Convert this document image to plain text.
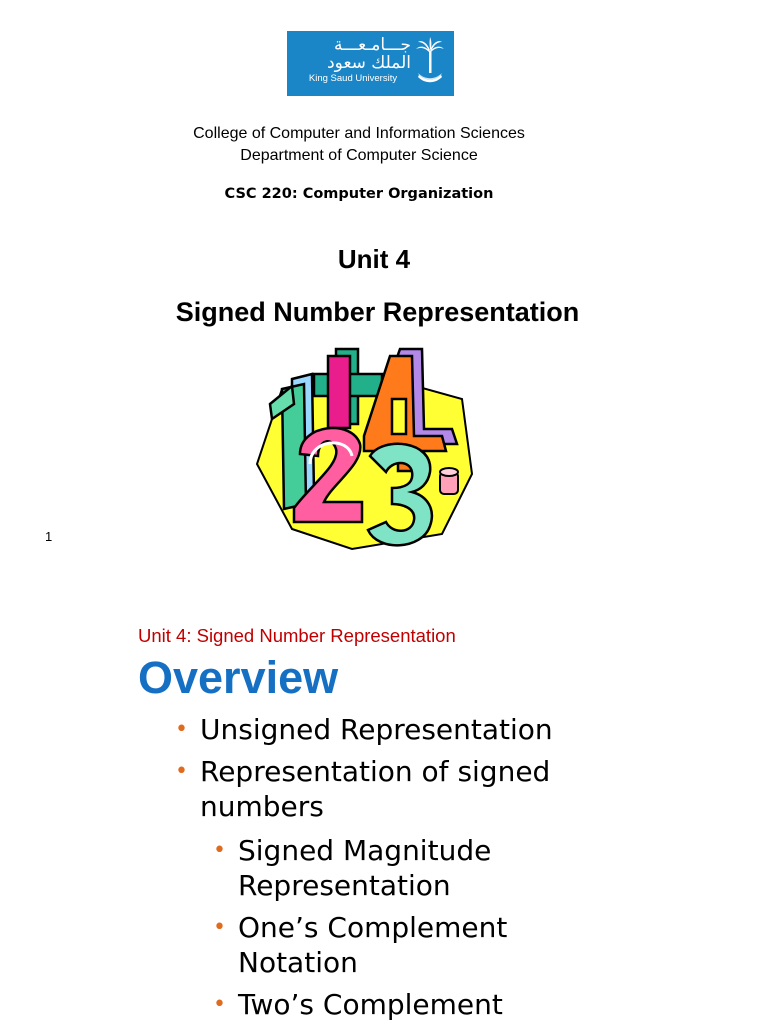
جـــامـعـــة
الملك سعود
King Saud University
College of Computer and Information Sciences
Department of Computer Science
CSC 220: Computer Organization
Unit 4
Signed Number Representation
1
Unit 4: Signed Number Representation
Overview
• Unsigned Representation
• Representation of signed
numbers
• Signed Magnitude
Representation
• One’s Complement
Notation
• Two’s Complement
